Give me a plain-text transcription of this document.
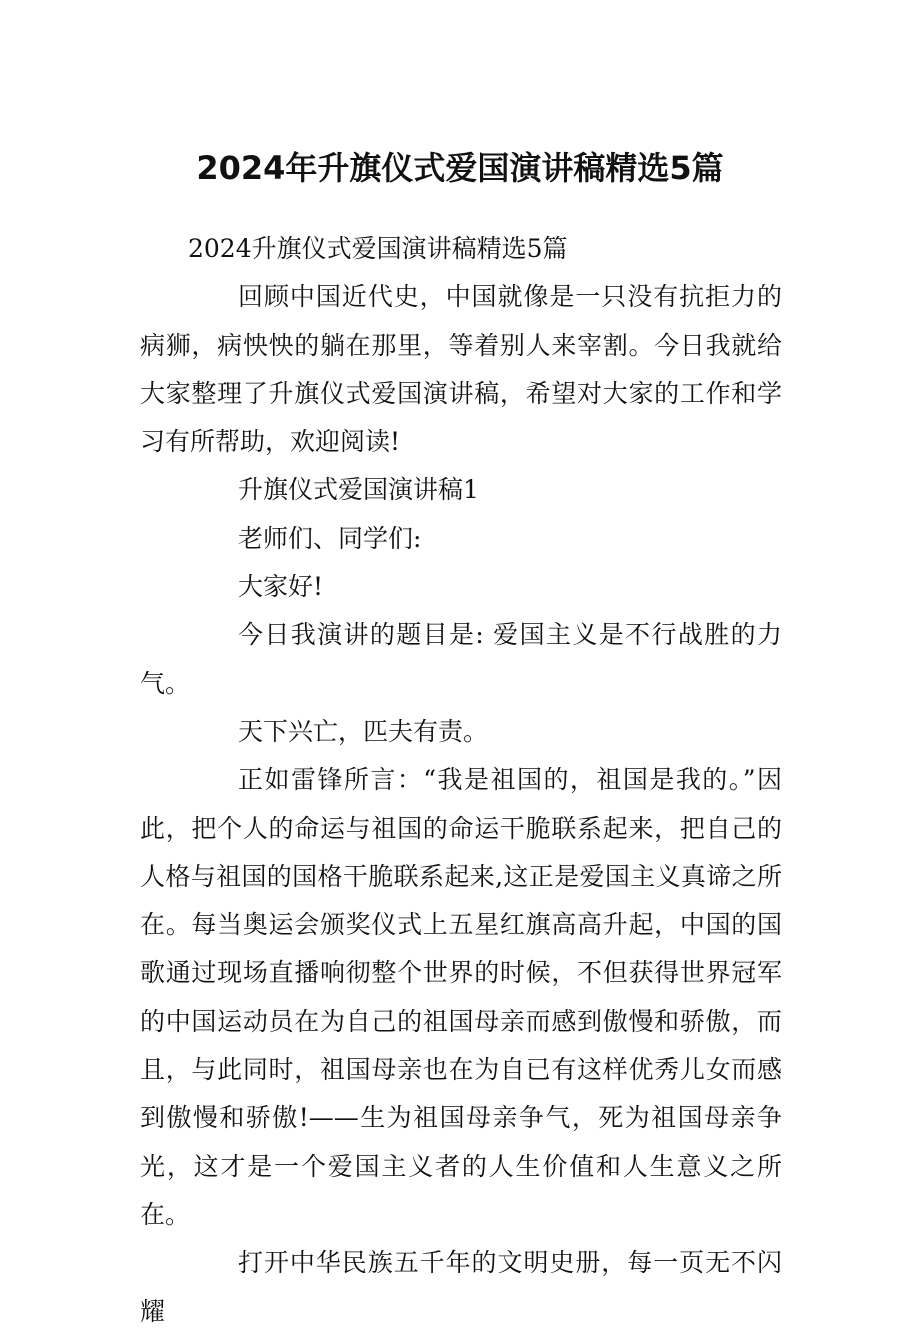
2024年升旗仪式爱国演讲稿精选5篇

2024升旗仪式爱国演讲稿精选5篇

回顾中国近代史，中国就像是一只没有抗拒力的病狮，病怏怏的躺在那里，等着别人来宰割。今日我就给大家整理了升旗仪式爱国演讲稿，希望对大家的工作和学习有所帮助，欢迎阅读!

升旗仪式爱国演讲稿1

老师们、同学们:

大家好!

今日我演讲的题目是: 爱国主义是不行战胜的力气。

天下兴亡，匹夫有责。

正如雷锋所言：“我是祖国的，祖国是我的。”因此，把个人的命运与祖国的命运干脆联系起来，把自己的人格与祖国的国格干脆联系起来,这正是爱国主义真谛之所在。每当奥运会颁奖仪式上五星红旗高高升起，中国的国歌通过现场直播响彻整个世界的时候，不但获得世界冠军的中国运动员在为自己的祖国母亲而感到傲慢和骄傲，而且，与此同时，祖国母亲也在为自已有这样优秀儿女而感到傲慢和骄傲!——生为祖国母亲争气，死为祖国母亲争光，这才是一个爱国主义者的人生价值和人生意义之所在。

打开中华民族五千年的文明史册，每一页无不闪耀
